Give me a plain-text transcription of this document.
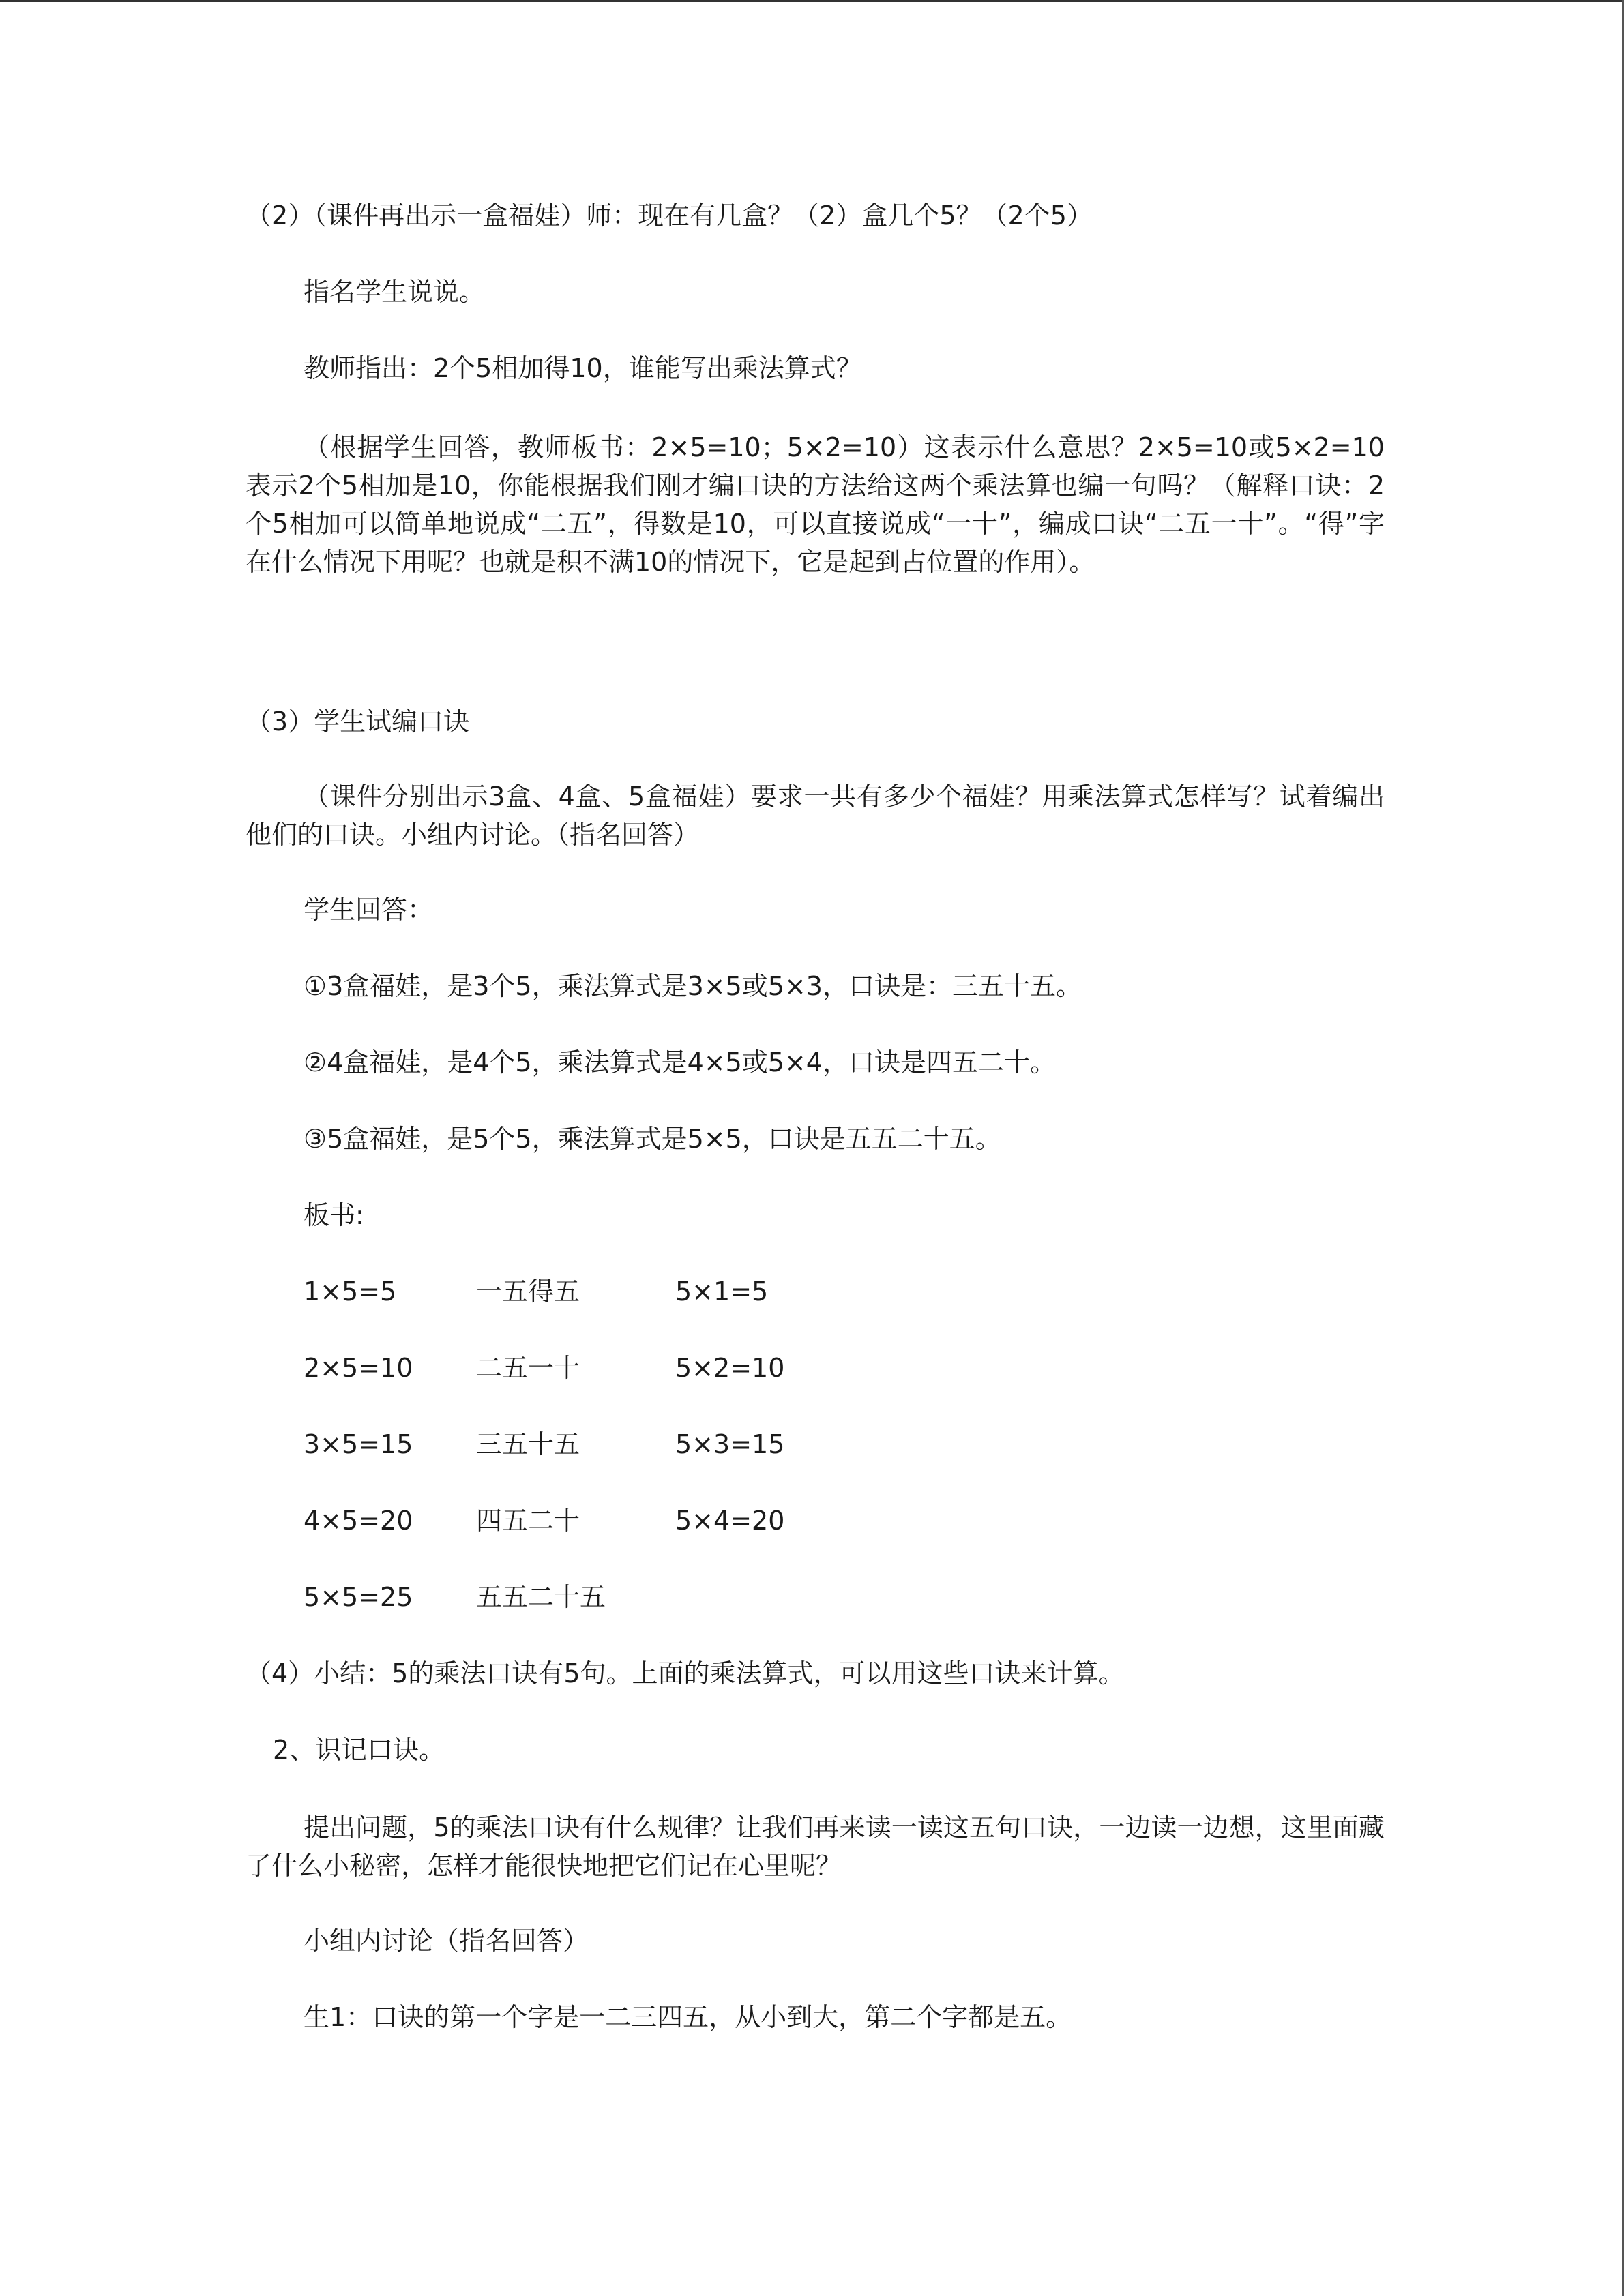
（2）（课件再出示一盒福娃）师：现在有几盒？（2）盒几个5？（2个5）
指名学生说说。
教师指出：2个5相加得10，谁能写出乘法算式？
（根据学生回答，教师板书：2×5=10；5×2=10）这表示什么意思？2×5=10或5×2=10表示2个5相加是10，你能根据我们刚才编口诀的方法给这两个乘法算也编一句吗？（解释口诀：2个5相加可以简单地说成“二五”，得数是10，可以直接说成“一十”，编成口诀“二五一十”。“得”字在什么情况下用呢？也就是积不满10的情况下，它是起到占位置的作用）。
（3）学生试编口诀
（课件分别出示3盒、4盒、5盒福娃）要求一共有多少个福娃？用乘法算式怎样写？试着编出他们的口诀。小组内讨论。（指名回答）
学生回答：
①3盒福娃，是3个5，乘法算式是3×5或5×3，口诀是：三五十五。
②4盒福娃，是4个5，乘法算式是4×5或5×4，口诀是四五二十。
③5盒福娃，是5个5，乘法算式是5×5，口诀是五五二十五。
板书:
1×5=5	一五得五	5×1=5
2×5=10 二五一十	5×2=10
3×5=15 三五十五	5×3=15
4×5=20 四五二十	5×4=20
5×5=25 五五二十五
（4）小结：5的乘法口诀有5句。上面的乘法算式，可以用这些口诀来计算。
2、识记口诀。
提出问题，5的乘法口诀有什么规律？让我们再来读一读这五句口诀，一边读一边想，这里面藏了什么小秘密，怎样才能很快地把它们记在心里呢？
小组内讨论（指名回答）
生1：口诀的第一个字是一二三四五，从小到大，第二个字都是五。
